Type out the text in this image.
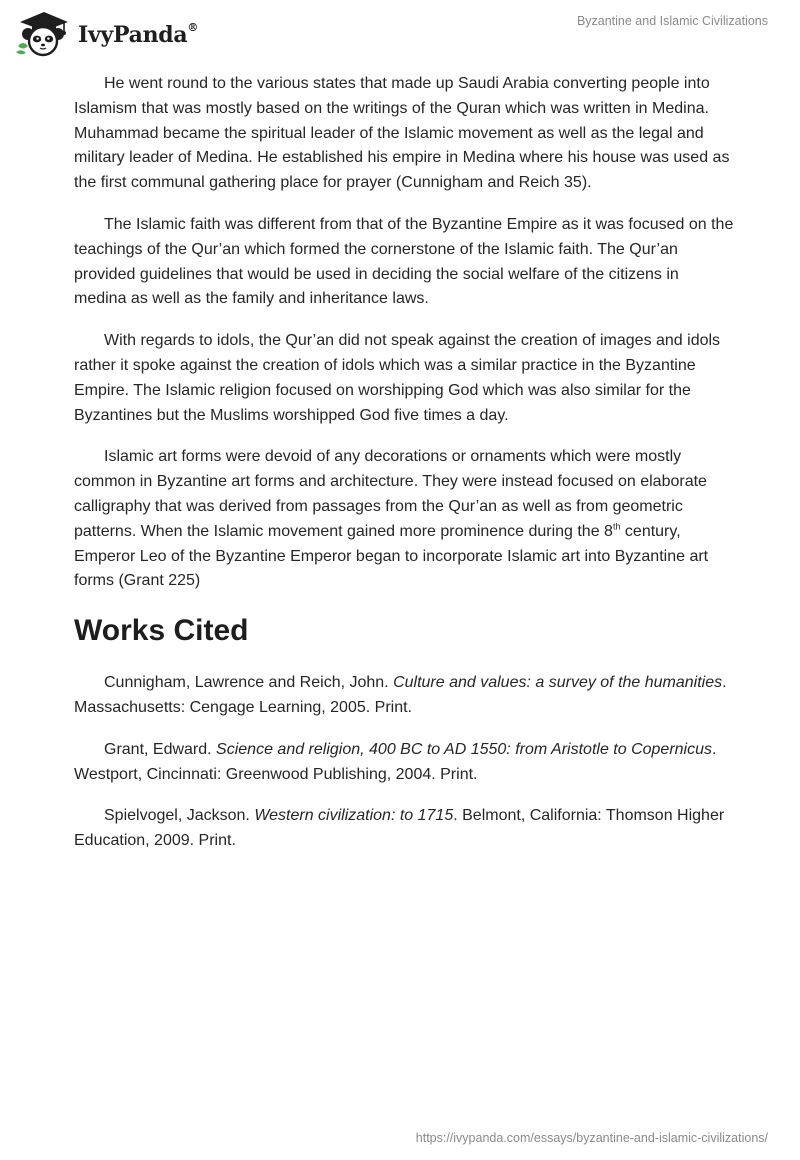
IvyPanda®	Byzantine and Islamic Civilizations

He went round to the various states that made up Saudi Arabia converting people into Islamism that was mostly based on the writings of the Quran which was written in Medina. Muhammad became the spiritual leader of the Islamic movement as well as the legal and military leader of Medina. He established his empire in Medina where his house was used as the first communal gathering place for prayer (Cunnigham and Reich 35).

The Islamic faith was different from that of the Byzantine Empire as it was focused on the teachings of the Qur’an which formed the cornerstone of the Islamic faith. The Qur’an provided guidelines that would be used in deciding the social welfare of the citizens in medina as well as the family and inheritance laws.

With regards to idols, the Qur’an did not speak against the creation of images and idols rather it spoke against the creation of idols which was a similar practice in the Byzantine Empire. The Islamic religion focused on worshipping God which was also similar for the Byzantines but the Muslims worshipped God five times a day.

Islamic art forms were devoid of any decorations or ornaments which were mostly common in Byzantine art forms and architecture. They were instead focused on elaborate calligraphy that was derived from passages from the Qur’an as well as from geometric patterns. When the Islamic movement gained more prominence during the 8th century, Emperor Leo of the Byzantine Emperor began to incorporate Islamic art into Byzantine art forms (Grant 225)

Works Cited

Cunnigham, Lawrence and Reich, John. Culture and values: a survey of the humanities. Massachusetts: Cengage Learning, 2005. Print.

Grant, Edward. Science and religion, 400 BC to AD 1550: from Aristotle to Copernicus. Westport, Cincinnati: Greenwood Publishing, 2004. Print.

Spielvogel, Jackson. Western civilization: to 1715. Belmont, California: Thomson Higher Education, 2009. Print.

https://ivypanda.com/essays/byzantine-and-islamic-civilizations/
